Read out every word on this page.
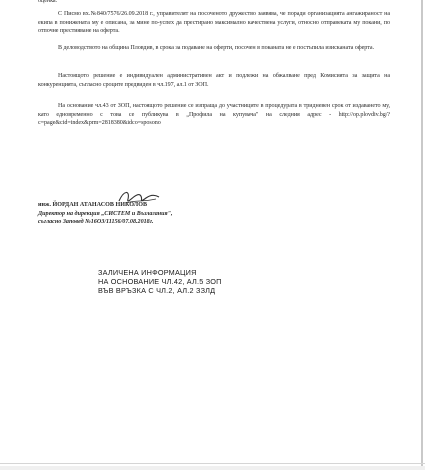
оценка.
С Писмо вх.№840/7576/26.09.2018 г., управителят на посоченото дружество заявява, че поради организацията ангажираност на екипа в понижената му е описана, за мине по-успех да престирано максимално качествена услуги, относно отправеката му покани, по отпочне престияване на оферта.
В деловодството на община Пловдив, в срока за подаване на оферти, посочен в поканата не е постъпила изисканата оферта.
Настоящото решение е индивидуален административен акт и подлежи на обжалване пред Комисията за защита на конкуренцията, съгласно сроците предвиден в чл.197, ал.1 от ЗОП.
На основание чл.43 от ЗОП, настоящото решение се изпраща до участниците в процедурата в тридневен срок от издаването му, като едновременно с това се публикува в „Профила на купувача" на следния адрес - http://op.plovdiv.bg/?c=page&cid=index&prm=2818380&idco=sposono
инж. ЙОРДАН АТАНАСОВ НИКОЛОВ
Директор на дирекция „СИСТЕМ и Възлагания",
съгласно Заповед №16ОЗ/11156/07.08.2018г.
ЗАЛИЧЕНА ИНФОРМАЦИЯ
НА ОСНОВАНИЕ ЧЛ.42, АЛ.5 ЗОП
ВЪВ ВРЪЗКА С ЧЛ.2, АЛ.2 ЗЗЛД
